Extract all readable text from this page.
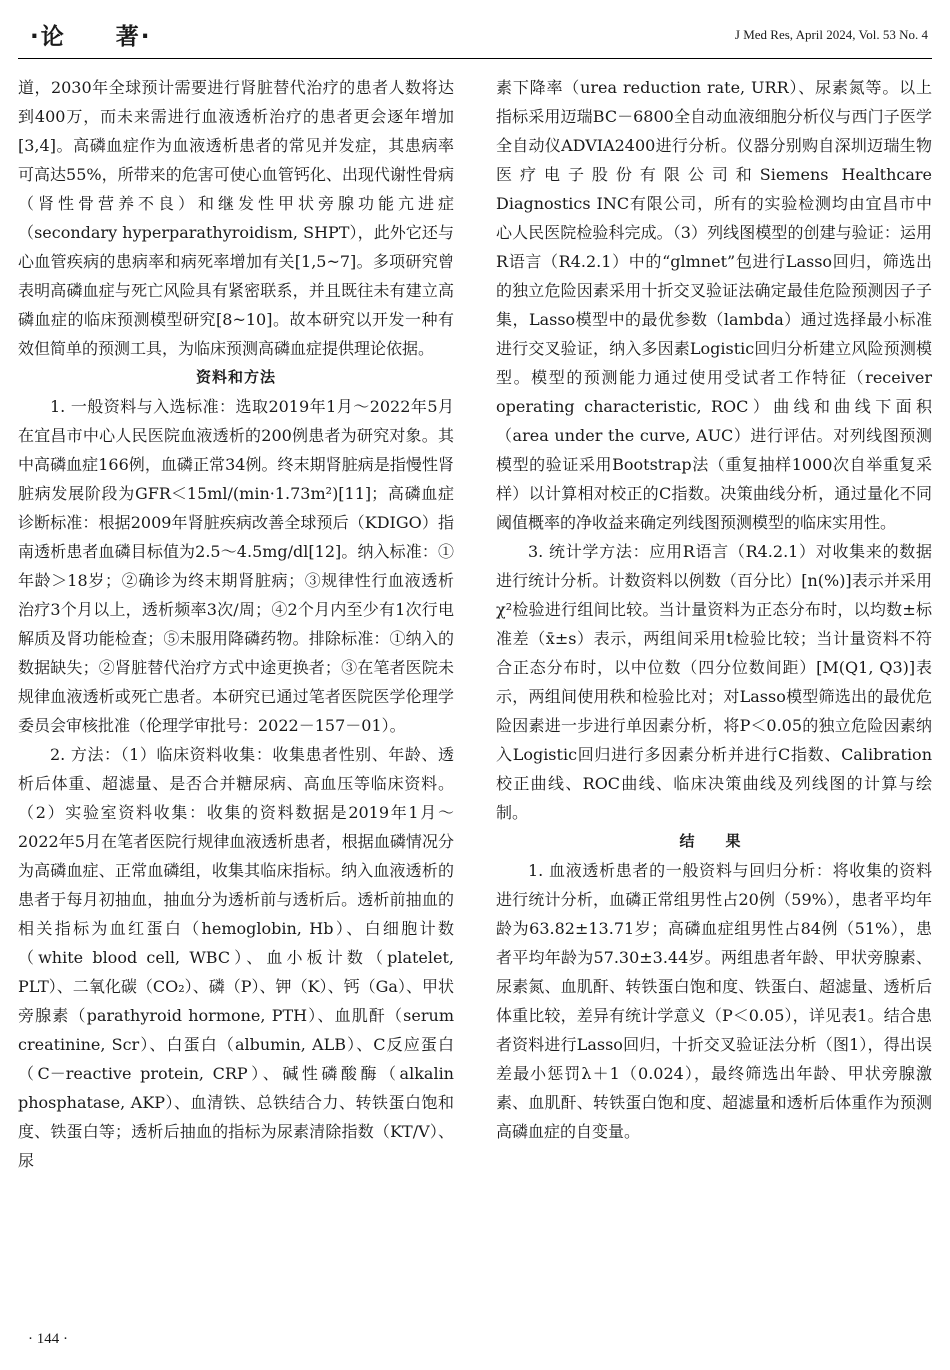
·论　　著·	J Med Res, April 2024, Vol. 53 No. 4

道，2030年全球预计需要进行肾脏替代治疗的患者人数将达到400万，而未来需进行血液透析治疗的患者更会逐年增加[3,4]。高磷血症作为血液透析患者的常见并发症，其患病率可高达55%，所带来的危害可使心血管钙化、出现代谢性骨病（肾性骨营养不良）和继发性甲状旁腺功能亢进症（secondary hyperparathyroidism, SHPT），此外它还与心血管疾病的患病率和病死率增加有关[1,5~7]。多项研究曾表明高磷血症与死亡风险具有紧密联系，并且既往未有建立高磷血症的临床预测模型研究[8~10]。故本研究以开发一种有效但简单的预测工具，为临床预测高磷血症提供理论依据。

资料和方法

1. 一般资料与入选标准：选取2019年1月～2022年5月在宜昌市中心人民医院血液透析的200例患者为研究对象。其中高磷血症166例，血磷正常34例。终末期肾脏病是指慢性肾脏病发展阶段为GFR＜15ml/(min·1.73m²)[11]；高磷血症诊断标准：根据2009年肾脏疾病改善全球预后（KDIGO）指南透析患者血磷目标值为2.5～4.5mg/dl[12]。纳入标准：①年龄＞18岁；②确诊为终末期肾脏病；③规律性行血液透析治疗3个月以上，透析频率3次/周；④2个月内至少有1次行电解质及肾功能检查；⑤未服用降磷药物。排除标准：①纳入的数据缺失；②肾脏替代治疗方式中途更换者；③在笔者医院未规律血液透析或死亡患者。本研究已通过笔者医院医学伦理学委员会审核批准（伦理学审批号：2022－157－01）。

2. 方法：（1）临床资料收集：收集患者性别、年龄、透析后体重、超滤量、是否合并糖尿病、高血压等临床资料。（2）实验室资料收集：收集的资料数据是2019年1月～2022年5月在笔者医院行规律血液透析患者，根据血磷情况分为高磷血症、正常血磷组，收集其临床指标。纳入血液透析的患者于每月初抽血，抽血分为透析前与透析后。透析前抽血的相关指标为血红蛋白（hemoglobin, Hb）、白细胞计数（white blood cell, WBC）、血小板计数（platelet, PLT）、二氧化碳（CO₂）、磷（P）、钾（K）、钙（Ga）、甲状旁腺素（parathyroid hormone, PTH）、血肌酐（serum creatinine, Scr）、白蛋白（albumin, ALB）、C反应蛋白（C－reactive protein, CRP）、碱性磷酸酶（alkalin phosphatase, AKP）、血清铁、总铁结合力、转铁蛋白饱和度、铁蛋白等；透析后抽血的指标为尿素清除指数（KT/V）、尿

素下降率（urea reduction rate, URR）、尿素氮等。以上指标采用迈瑞BC－6800全自动血液细胞分析仪与西门子医学全自动仪ADVIA2400进行分析。仪器分别购自深圳迈瑞生物医疗电子股份有限公司和Siemens Healthcare Diagnostics INC有限公司，所有的实验检测均由宜昌市中心人民医院检验科完成。（3）列线图模型的创建与验证：运用R语言（R4.2.1）中的“glmnet”包进行Lasso回归，筛选出的独立危险因素采用十折交叉验证法确定最佳危险预测因子子集，Lasso模型中的最优参数（lambda）通过选择最小标准进行交叉验证，纳入多因素Logistic回归分析建立风险预测模型。模型的预测能力通过使用受试者工作特征（receiver operating characteristic, ROC）曲线和曲线下面积（area under the curve, AUC）进行评估。对列线图预测模型的验证采用Bootstrap法（重复抽样1000次自举重复采样）以计算相对校正的C指数。决策曲线分析，通过量化不同阈值概率的净收益来确定列线图预测模型的临床实用性。

3. 统计学方法：应用R语言（R4.2.1）对收集来的数据进行统计分析。计数资料以例数（百分比）[n(%)]表示并采用χ²检验进行组间比较。当计量资料为正态分布时，以均数±标准差（x̄±s）表示，两组间采用t检验比较；当计量资料不符合正态分布时，以中位数（四分位数间距）[M(Q1, Q3)]表示，两组间使用秩和检验比对；对Lasso模型筛选出的最优危险因素进一步进行单因素分析，将P＜0.05的独立危险因素纳入Logistic回归进行多因素分析并进行C指数、Calibration校正曲线、ROC曲线、临床决策曲线及列线图的计算与绘制。

结　果

1. 血液透析患者的一般资料与回归分析：将收集的资料进行统计分析，血磷正常组男性占20例（59%），患者平均年龄为63.82±13.71岁；高磷血症组男性占84例（51%），患者平均年龄为57.30±3.44岁。两组患者年龄、甲状旁腺素、尿素氮、血肌酐、转铁蛋白饱和度、铁蛋白、超滤量、透析后体重比较，差异有统计学意义（P＜0.05），详见表1。结合患者资料进行Lasso回归，十折交叉验证法分析（图1），得出误差最小惩罚λ＋1（0.024），最终筛选出年龄、甲状旁腺激素、血肌酐、转铁蛋白饱和度、超滤量和透析后体重作为预测高磷血症的自变量。

· 144 ·
